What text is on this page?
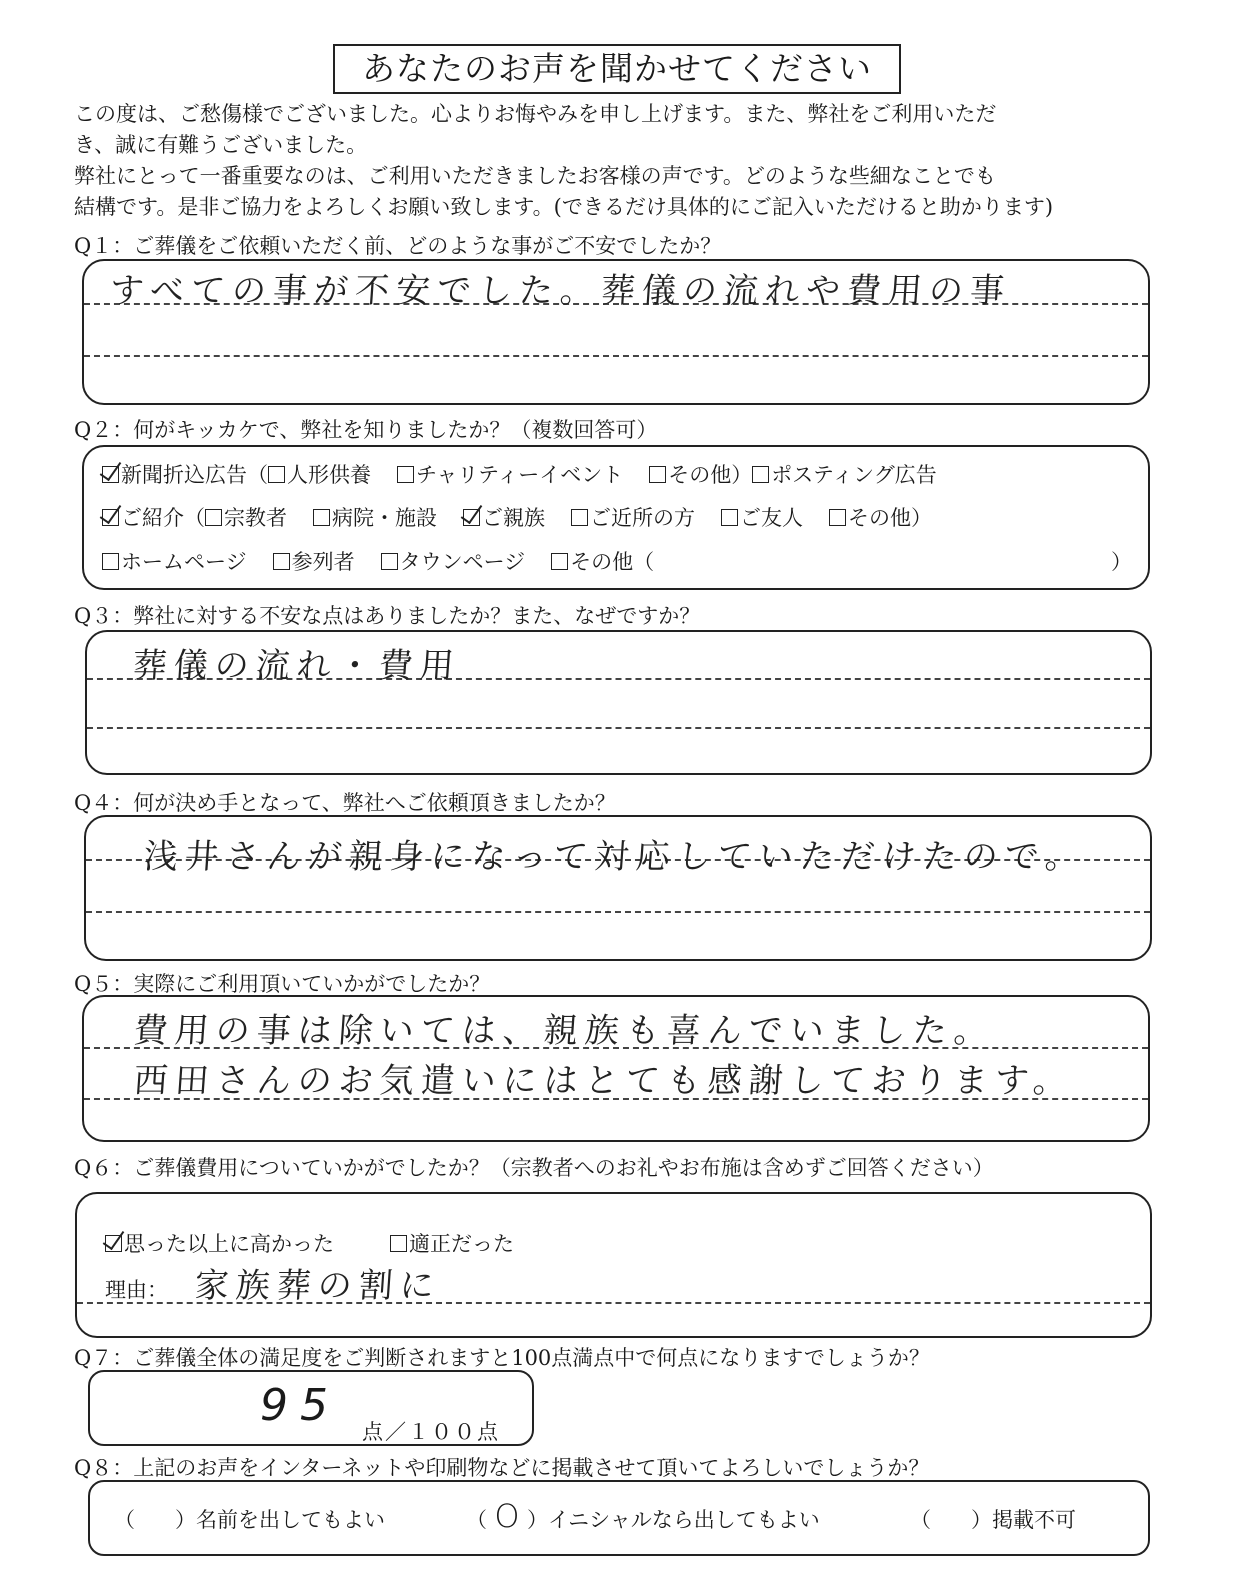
あなたのお声を聞かせてください
この度は、ご愁傷様でございました。心よりお悔やみを申し上げます。また、弊社をご利用いただ
き、誠に有難うございました。
弊社にとって一番重要なのは、ご利用いただきましたお客様の声です。どのような些細なことでも
結構です。是非ご協力をよろしくお願い致します。(できるだけ具体的にご記入いただけると助かります)
Q１：ご葬儀をご依頼いただく前、どのような事がご不安でしたか？
すべての事が不安でした。葬儀の流れや費用の事
Q２：何がキッカケで、弊社を知りましたか？（複数回答可）
新聞折込広告（ 人形供養 チャリティーイベント その他） ポスティング広告
ご紹介（ 宗教者 病院・施設 ご親族 ご近所の方 ご友人 その他）
ホームページ 参列者 タウンページ その他（	）
Q３：弊社に対する不安な点はありましたか？また、なぜですか？
葬儀の流れ・費用
Q４：何が決め手となって、弊社へご依頼頂きましたか？
浅井さんが親身になって対応していただけたので。
Q５：実際にご利用頂いていかがでしたか？
費用の事は除いては、親族も喜んでいました。
西田さんのお気遣いにはとても感謝しております。
Q６：ご葬儀費用についていかがでしたか？（宗教者へのお礼やお布施は含めずご回答ください）
思った以上に高かった	適正だった
理由： 家族葬の割に
Q７：ご葬儀全体の満足度をご判断されますと100点満点中で何点になりますでしょうか？
95
点／１００点
Q８：上記のお声をインターネットや印刷物などに掲載させて頂いてよろしいでしょうか？
（ ）名前を出してもよい	（ O ）イニシャルなら出してもよい	（ ）掲載不可
